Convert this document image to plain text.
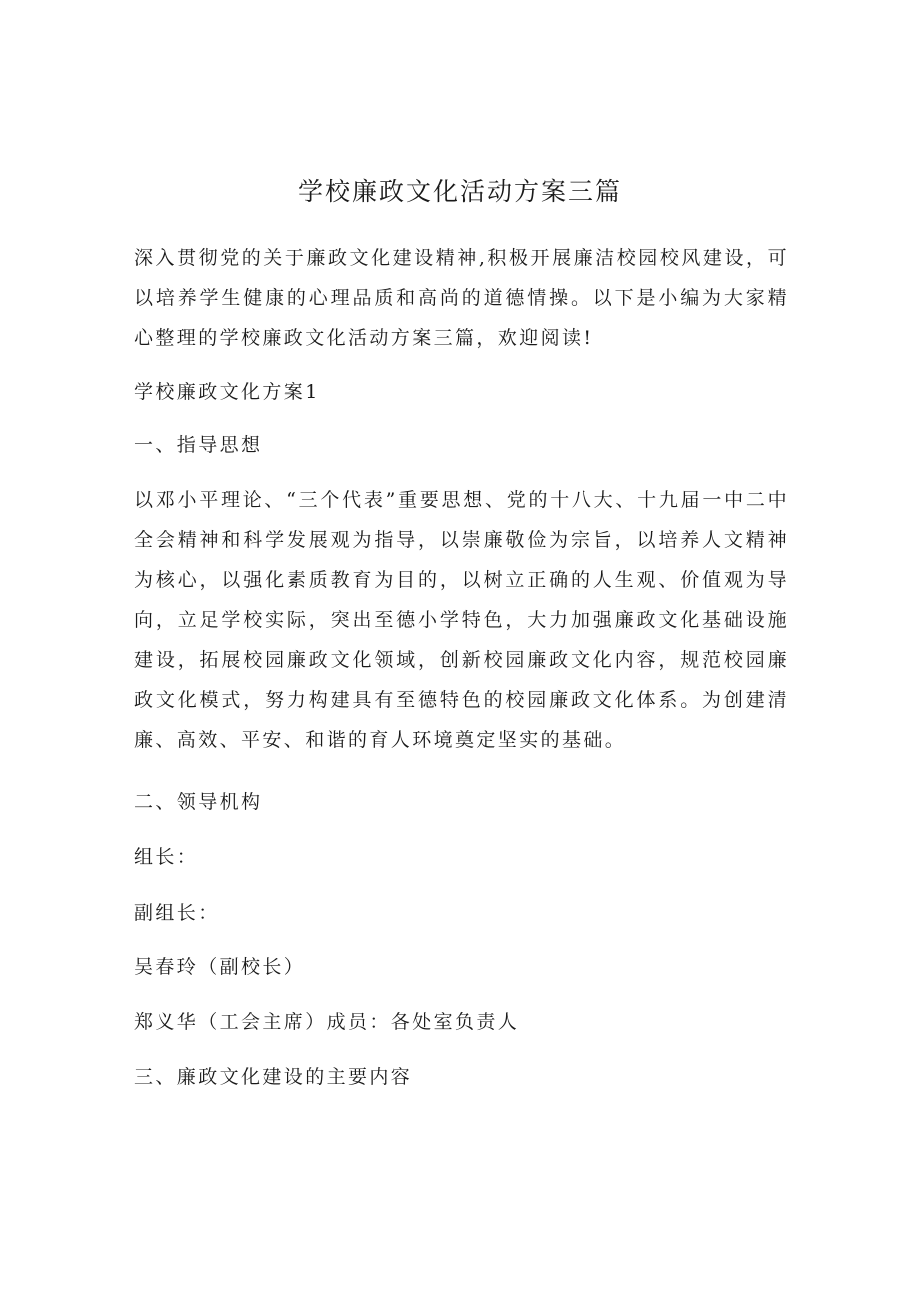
学校廉政文化活动方案三篇

深入贯彻党的关于廉政文化建设精神,积极开展廉洁校园校风建设，可以培养学生健康的心理品质和高尚的道德情操。以下是小编为大家精心整理的学校廉政文化活动方案三篇，欢迎阅读!

学校廉政文化方案1

一、指导思想

以邓小平理论、“三个代表”重要思想、党的十八大、十九届一中二中全会精神和科学发展观为指导，以崇廉敬俭为宗旨，以培养人文精神为核心，以强化素质教育为目的，以树立正确的人生观、价值观为导向，立足学校实际，突出至德小学特色，大力加强廉政文化基础设施建设，拓展校园廉政文化领域，创新校园廉政文化内容，规范校园廉政文化模式，努力构建具有至德特色的校园廉政文化体系。为创建清廉、高效、平安、和谐的育人环境奠定坚实的基础。

二、领导机构

组长：

副组长：

吴春玲（副校长）

郑义华（工会主席）成员：各处室负责人

三、廉政文化建设的主要内容
